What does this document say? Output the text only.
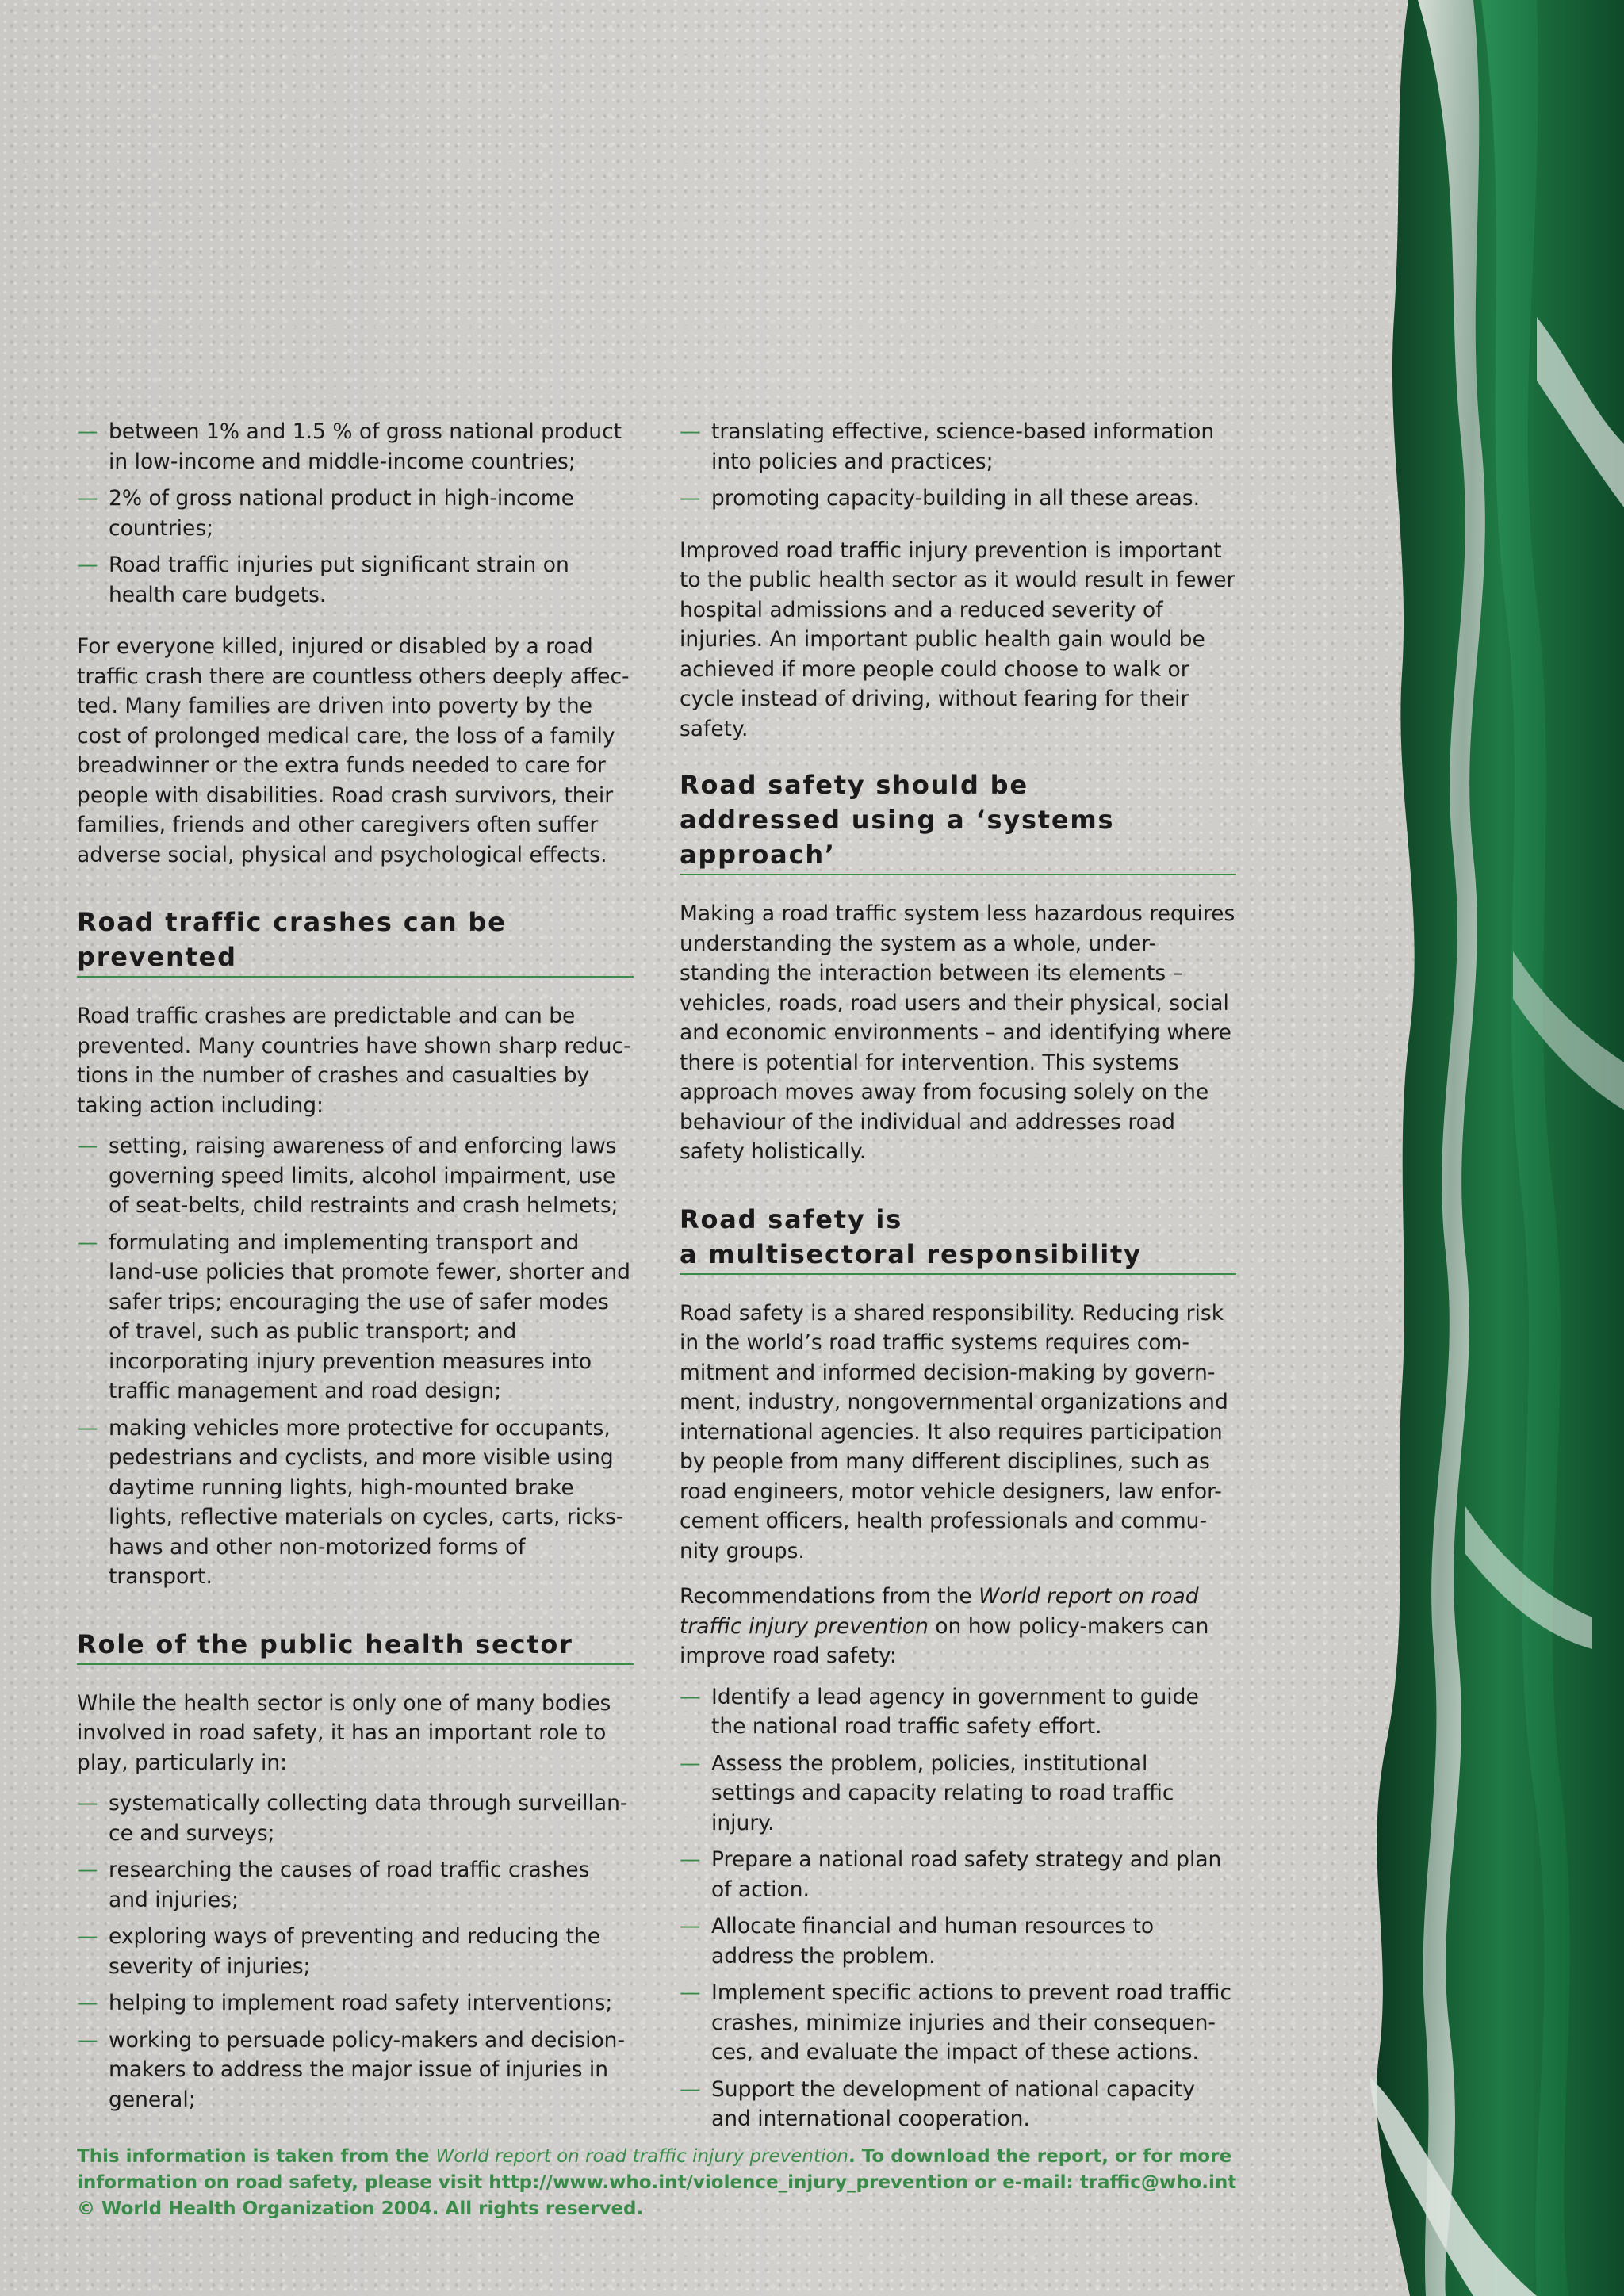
— between 1% and 1.5 % of gross national product in low-income and middle-income countries;
— 2% of gross national product in high-income countries;
— Road traffic injuries put significant strain on health care budgets.

For everyone killed, injured or disabled by a road traffic crash there are countless others deeply affec-ted. Many families are driven into poverty by the cost of prolonged medical care, the loss of a family breadwinner or the extra funds needed to care for people with disabilities. Road crash survivors, their families, friends and other caregivers often suffer adverse social, physical and psychological effects.

Road traffic crashes can be prevented

Road traffic crashes are predictable and can be prevented. Many countries have shown sharp reduc-tions in the number of crashes and casualties by taking action including:

— setting, raising awareness of and enforcing laws governing speed limits, alcohol impairment, use of seat-belts, child restraints and crash helmets;
— formulating and implementing transport and land-use policies that promote fewer, shorter and safer trips; encouraging the use of safer modes of travel, such as public transport; and incorporating injury prevention measures into traffic management and road design;
— making vehicles more protective for occupants, pedestrians and cyclists, and more visible using daytime running lights, high-mounted brake lights, reflective materials on cycles, carts, ricks-haws and other non-motorized forms of transport.
Role of the public health sector

While the health sector is only one of many bodies involved in road safety, it has an important role to play, particularly in:

— systematically collecting data through surveillan-ce and surveys;
— researching the causes of road traffic crashes and injuries;
— exploring ways of preventing and reducing the severity of injuries;
— helping to implement road safety interventions;
— working to persuade policy-makers and decision-makers to address the major issue of injuries in general;
— translating effective, science-based information into policies and practices;
— promoting capacity-building in all these areas.

Improved road traffic injury prevention is important to the public health sector as it would result in fewer hospital admissions and a reduced severity of injuries. An important public health gain would be achieved if more people could choose to walk or cycle instead of driving, without fearing for their safety.

Road safety should be
addressed using a ‘systems approach’

Making a road traffic system less hazardous requires understanding the system as a whole, under-standing the interaction between its elements – vehicles, roads, road users and their physical, social and economic environments – and identifying where there is potential for intervention. This systems approach moves away from focusing solely on the behaviour of the individual and addresses road safety holistically.

Road safety is
a multisectoral responsibility

Road safety is a shared responsibility. Reducing risk in the world’s road traffic systems requires com-mitment and informed decision-making by govern-ment, industry, nongovernmental organizations and international agencies. It also requires participation by people from many different disciplines, such as road engineers, motor vehicle designers, law enfor-cement officers, health professionals and commu-nity groups.

Recommendations from the World report on road traffic injury prevention on how policy-makers can improve road safety:

— Identify a lead agency in government to guide the national road traffic safety effort.
— Assess the problem, policies, institutional settings and capacity relating to road traffic injury.
— Prepare a national road safety strategy and plan of action.
— Allocate financial and human resources to address the problem.
— Implement specific actions to prevent road traffic crashes, minimize injuries and their consequen-ces, and evaluate the impact of these actions.
— Support the development of national capacity and international cooperation.
This information is taken from the World report on road traffic injury prevention. To download the report, or for more
information on road safety, please visit http://www.who.int/violence_injury_prevention or e-mail: traffic@who.int
© World Health Organization 2004. All rights reserved.
